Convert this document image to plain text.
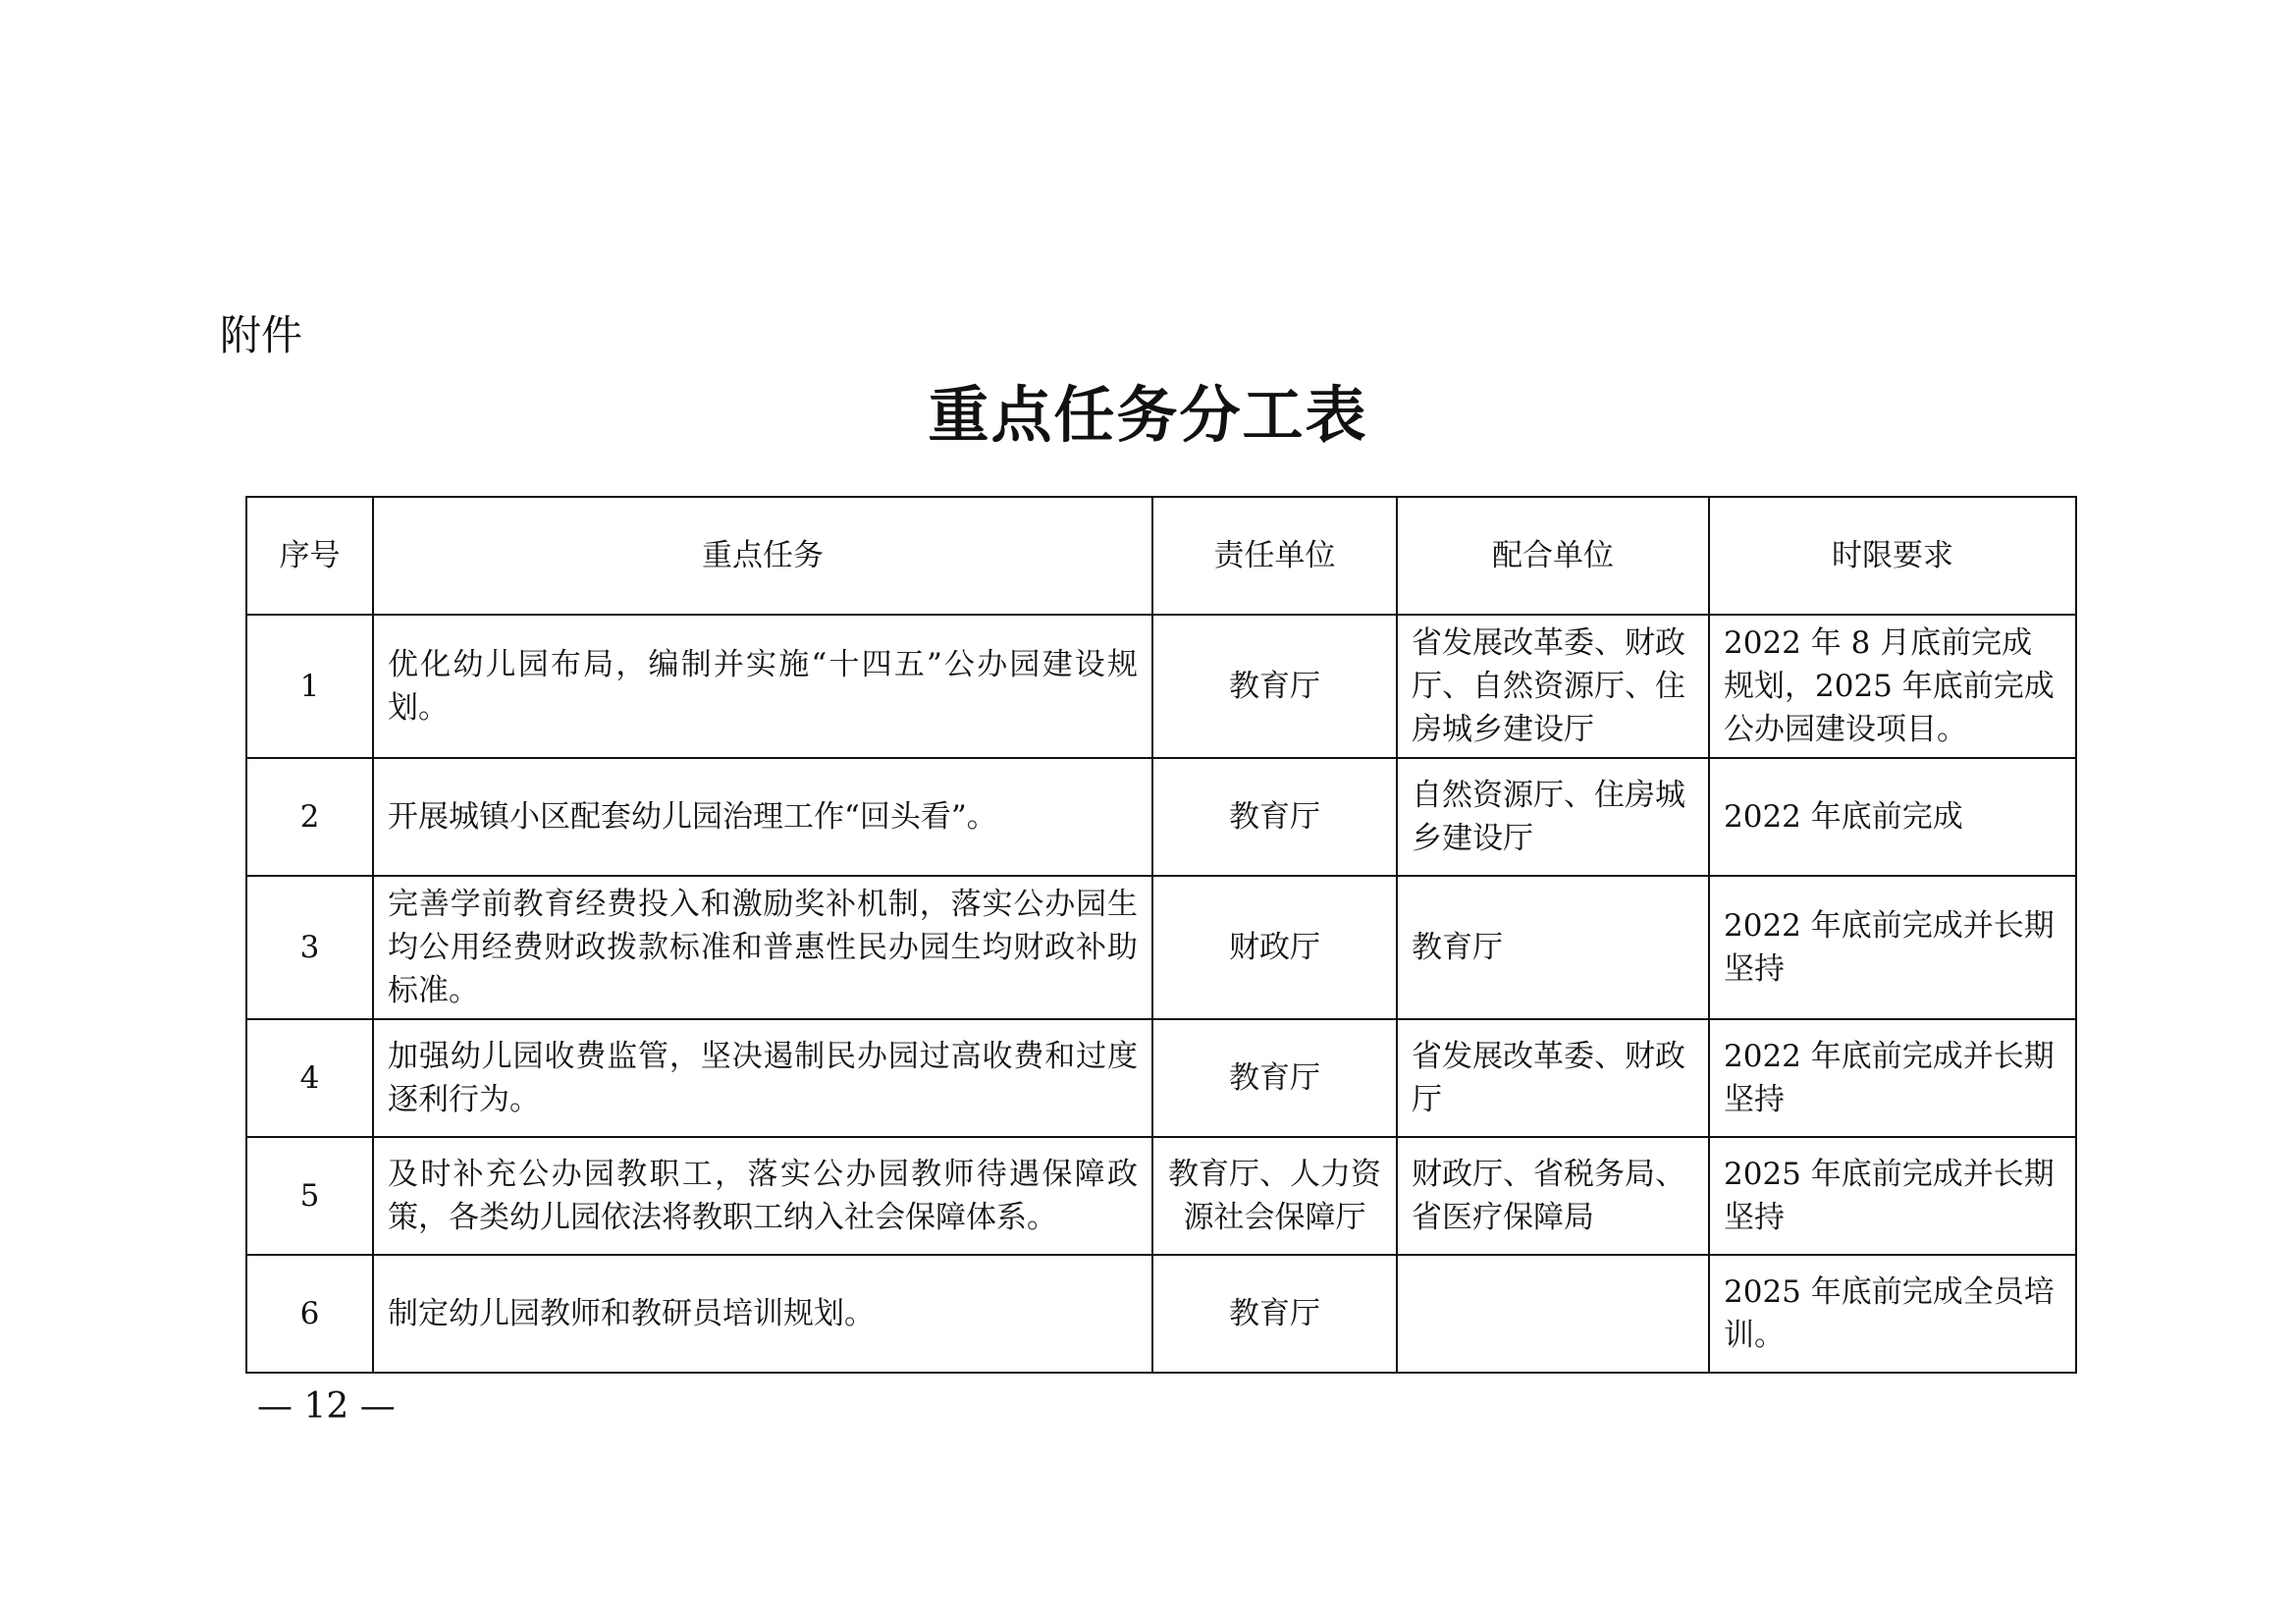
附件
重点任务分工表
序号	重点任务	责任单位	配合单位	时限要求
1	优化幼儿园布局，编制并实施“十四五”公办园建设规划。	教育厅	省发展改革委、财政厅、自然资源厅、住房城乡建设厅	2022 年 8 月底前完成规划，2025 年底前完成公办园建设项目。
2	开展城镇小区配套幼儿园治理工作“回头看”。	教育厅	自然资源厅、住房城乡建设厅	2022 年底前完成
3	完善学前教育经费投入和激励奖补机制，落实公办园生均公用经费财政拨款标准和普惠性民办园生均财政补助标准。	财政厅	教育厅	2022 年底前完成并长期坚持
4	加强幼儿园收费监管，坚决遏制民办园过高收费和过度逐利行为。	教育厅	省发展改革委、财政厅	2022 年底前完成并长期坚持
5	及时补充公办园教职工，落实公办园教师待遇保障政策，各类幼儿园依法将教职工纳入社会保障体系。	教育厅、人力资源社会保障厅	财政厅、省税务局、省医疗保障局	2025 年底前完成并长期坚持
6	制定幼儿园教师和教研员培训规划。	教育厅		2025 年底前完成全员培训。
— 12 —
